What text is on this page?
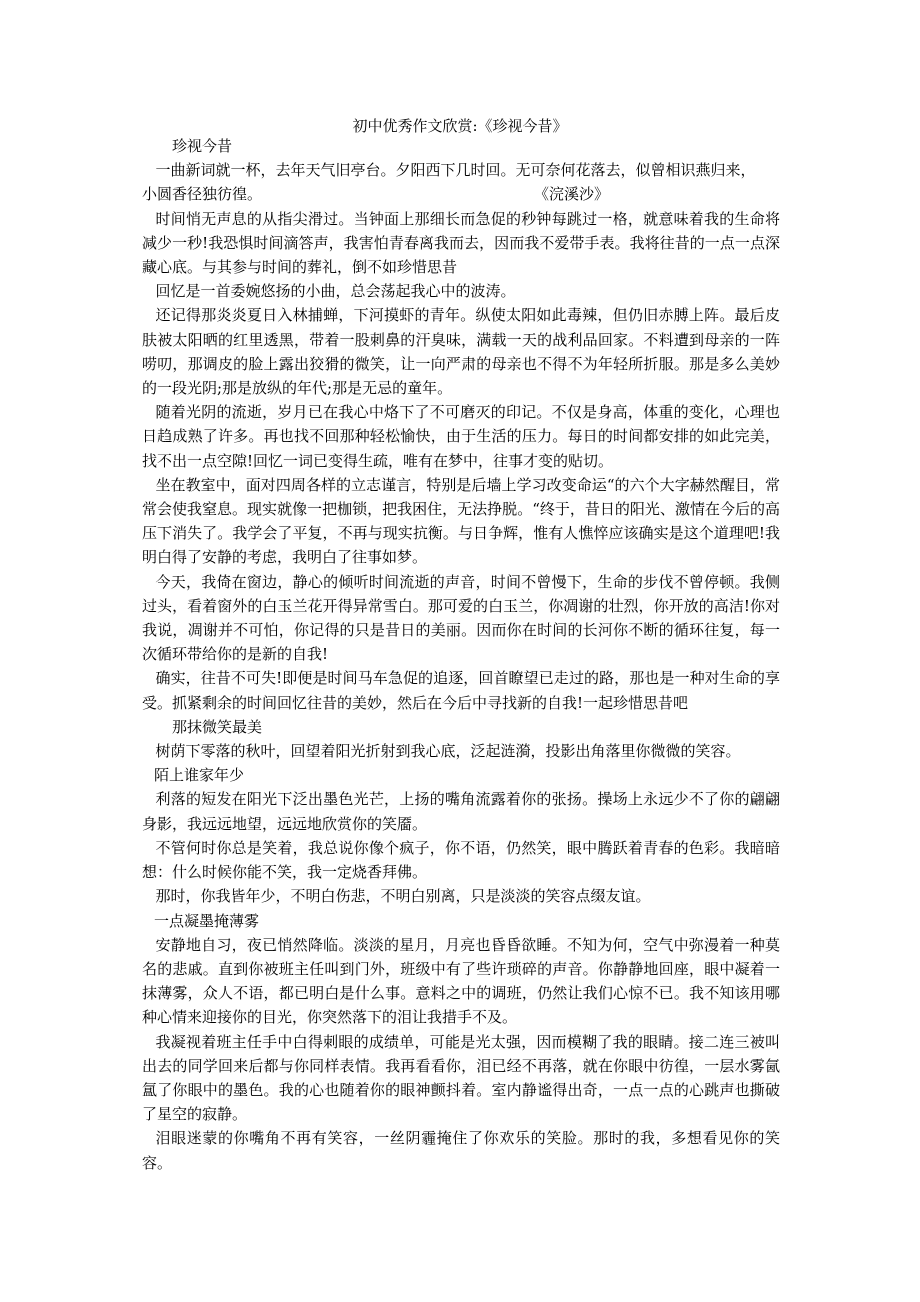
初中优秀作文欣赏:《珍视今昔》

珍视今昔

一曲新词就一杯，去年天气旧亭台。夕阳西下几时回。无可奈何花落去，似曾相识燕归来，

小圆香径独彷徨。	《浣溪沙》

时间悄无声息的从指尖滑过。当钟面上那细长而急促的秒钟每跳过一格，就意味着我的生命将减少一秒!我恐惧时间滴答声，我害怕青春离我而去，因而我不爱带手表。我将往昔的一点一点深藏心底。与其参与时间的葬礼，倒不如珍惜思昔

回忆是一首委婉悠扬的小曲，总会荡起我心中的波涛。

还记得那炎炎夏日入林捕蝉，下河摸虾的青年。纵使太阳如此毒辣，但仍旧赤膊上阵。最后皮肤被太阳晒的红里透黑，带着一股刺鼻的汗臭味，满载一天的战利品回家。不料遭到母亲的一阵唠叨，那调皮的脸上露出狡猾的微笑，让一向严肃的母亲也不得不为年轻所折服。那是多么美妙的一段光阴;那是放纵的年代;那是无忌的童年。

随着光阴的流逝，岁月已在我心中烙下了不可磨灭的印记。不仅是身高，体重的变化，心理也日趋成熟了许多。再也找不回那种轻松愉快，由于生活的压力。每日的时间都安排的如此完美，找不出一点空隙!回忆一词已变得生疏，唯有在梦中，往事才变的贴切。

坐在教室中，面对四周各样的立志谨言，特别是后墙上学习改变命运“的六个大字赫然醒目，常常会使我窒息。现实就像一把枷锁，把我困住，无法挣脱。“终于，昔日的阳光、激情在今后的高压下消失了。我学会了平复，不再与现实抗衡。与日争辉，惟有人憔悴应该确实是这个道理吧!我明白得了安静的考虑，我明白了往事如梦。

今天，我倚在窗边，静心的倾听时间流逝的声音，时间不曾慢下，生命的步伐不曾停顿。我侧过头，看着窗外的白玉兰花开得异常雪白。那可爱的白玉兰，你凋谢的壮烈，你开放的高洁!你对我说，凋谢并不可怕，你记得的只是昔日的美丽。因而你在时间的长河你不断的循环往复，每一次循环带给你的是新的自我!

确实，往昔不可失!即便是时间马车急促的追逐，回首瞭望已走过的路，那也是一种对生命的享受。抓紧剩余的时间回忆往昔的美妙，然后在今后中寻找新的自我!一起珍惜思昔吧

那抹微笑最美

树荫下零落的秋叶，回望着阳光折射到我心底，泛起涟漪，投影出角落里你微微的笑容。

陌上谁家年少

利落的短发在阳光下泛出墨色光芒，上扬的嘴角流露着你的张扬。操场上永远少不了你的翩翩身影，我远远地望，远远地欣赏你的笑靥。

不管何时你总是笑着，我总说你像个疯子，你不语，仍然笑，眼中腾跃着青春的色彩。我暗暗想：什么时候你能不笑，我一定烧香拜佛。

那时，你我皆年少，不明白伤悲，不明白别离，只是淡淡的笑容点缀友谊。

一点凝墨掩薄雾

安静地自习，夜已悄然降临。淡淡的星月，月亮也昏昏欲睡。不知为何，空气中弥漫着一种莫名的悲戚。直到你被班主任叫到门外，班级中有了些许琐碎的声音。你静静地回座，眼中凝着一抹薄雾，众人不语，都已明白是什么事。意料之中的调班，仍然让我们心惊不已。我不知该用哪种心情来迎接你的目光，你突然落下的泪让我措手不及。

我凝视着班主任手中白得刺眼的成绩单，可能是光太强，因而模糊了我的眼睛。接二连三被叫出去的同学回来后都与你同样表情。我再看看你，泪已经不再落，就在你眼中彷徨，一层水雾氤氲了你眼中的墨色。我的心也随着你的眼神颤抖着。室内静谧得出奇，一点一点的心跳声也撕破了星空的寂静。

泪眼迷蒙的你嘴角不再有笑容，一丝阴霾掩住了你欢乐的笑脸。那时的我，多想看见你的笑容。
